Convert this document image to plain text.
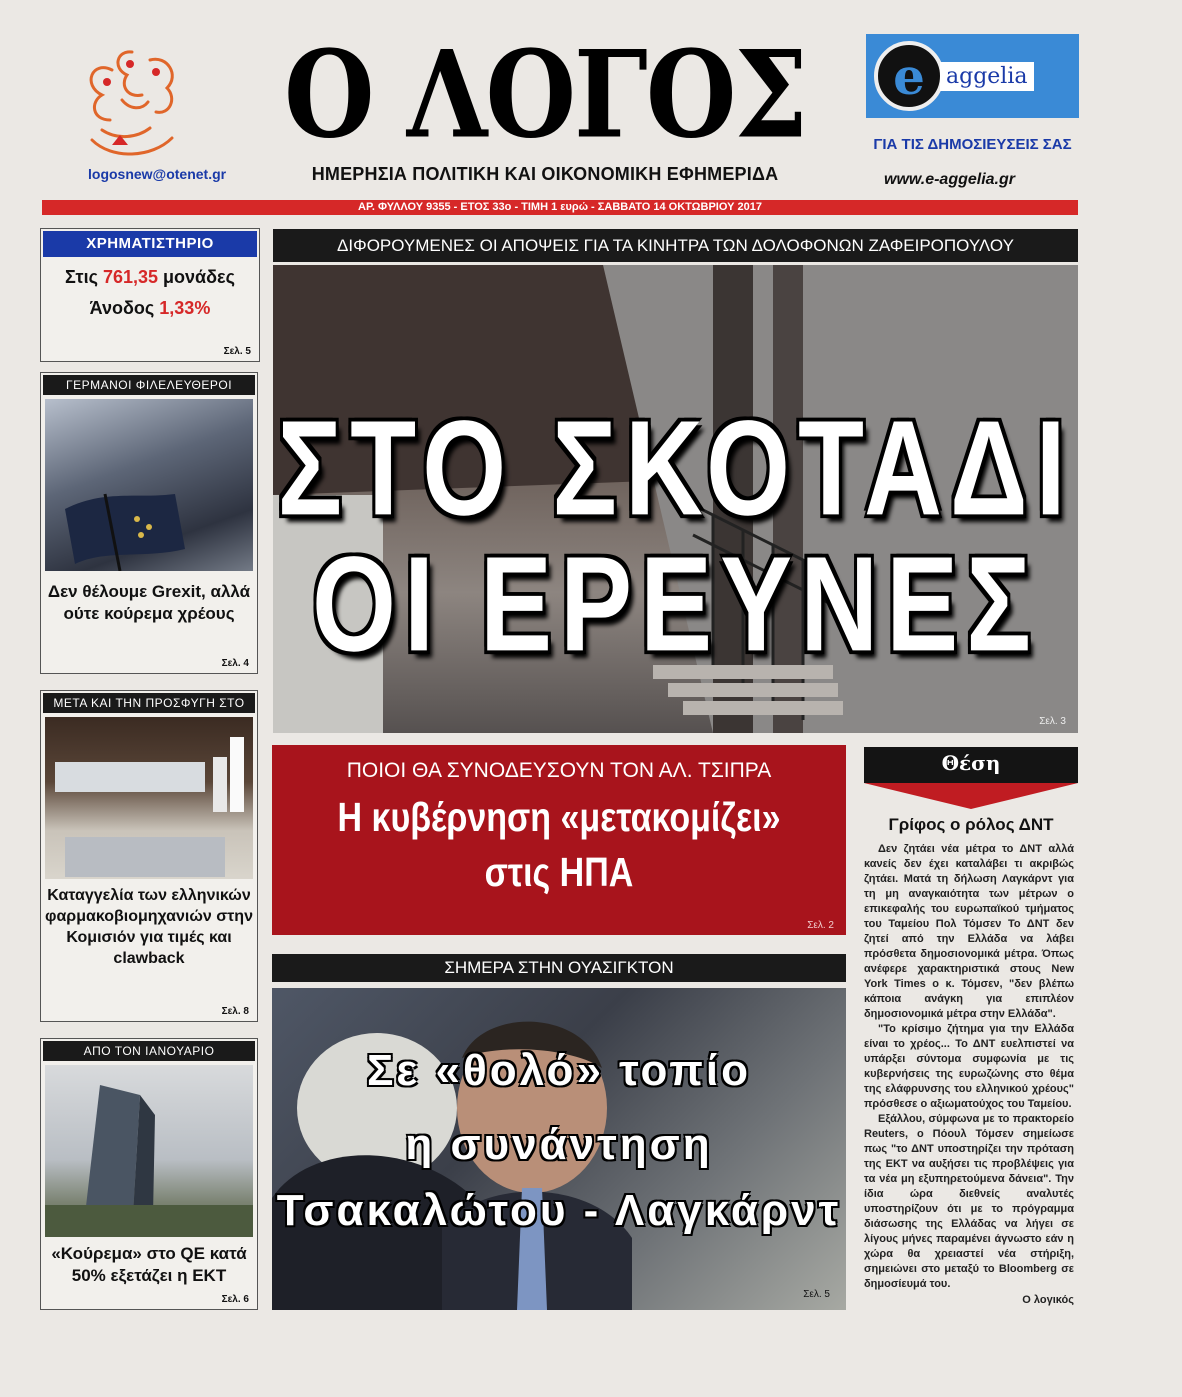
logosnew@otenet.gr
Ο ΛΟΓΟΣ
ΗΜΕΡΗΣΙΑ ΠΟΛΙΤΙΚΗ ΚΑΙ ΟΙΚΟΝΟΜΙΚΗ ΕΦΗΜΕΡΙΔΑ
e aggelia
ΓΙΑ ΤΙΣ ΔΗΜΟΣΙΕΥΣΕΙΣ ΣΑΣ
www.e-aggelia.gr
ΑΡ. ΦΥΛΛΟΥ 9355 - ΕΤΟΣ 33ο - ΤΙΜΗ 1 ευρώ - ΣΑΒΒΑΤΟ 14 ΟΚΤΩΒΡΙΟΥ 2017
ΧΡΗΜΑΤΙΣΤΗΡΙΟ
Στις 761,35 μονάδες
Άνοδος 1,33%
Σελ. 5
ΓΕΡΜΑΝΟΙ ΦΙΛΕΛΕΥΘΕΡΟΙ
Δεν θέλουμε Grexit, αλλά ούτε κούρεμα χρέους
Σελ. 4
ΜΕΤΑ ΚΑΙ ΤΗΝ ΠΡΟΣΦΥΓΗ ΣΤΟ
Καταγγελία των ελληνικών φαρμακοβιομηχανιών στην Κομισιόν για τιμές και clawback
Σελ. 8
ΑΠΟ ΤΟΝ ΙΑΝΟΥΑΡΙΟ
«Κούρεμα» στο QE κατά 50% εξετάζει η ΕΚΤ
Σελ. 6
ΔΙΦΟΡΟΥΜΕΝΕΣ ΟΙ ΑΠΟΨΕΙΣ ΓΙΑ ΤΑ ΚΙΝΗΤΡΑ ΤΩΝ ΔΟΛΟΦΟΝΩΝ ΖΑΦΕΙΡΟΠΟΥΛΟΥ
ΣΤΟ ΣΚΟΤΑΔΙ
ΟΙ ΕΡΕΥΝΕΣ
Σελ. 3
ΠΟΙΟΙ ΘΑ ΣΥΝΟΔΕΥΣΟΥΝ ΤΟΝ ΑΛ. ΤΣΙΠΡΑ
Η κυβέρνηση «μετακομίζει»
στις ΗΠΑ
Σελ. 2
ΣΗΜΕΡΑ ΣΤΗΝ ΟΥΑΣΙΓΚΤΟΝ
Σε «θολό» τοπίο
η συνάντηση
Τσακαλώτου - Λαγκάρντ
Σελ. 5
Θέση
Γρίφος ο ρόλος ΔΝΤ

Δεν ζητάει νέα μέτρα το ΔΝΤ αλλά κανείς δεν έχει καταλάβει τι ακριβώς ζητάει. Ματά τη δήλωση Λαγκάρντ για τη μη αναγκαιότητα των μέτρων ο επικεφαλής του ευρωπαϊκού τμήματος του Ταμείου Πολ Τόμσεν Το ΔΝΤ δεν ζητεί από την Ελλάδα να λάβει πρόσθετα δημοσιονομικά μέτρα. Όπως ανέφερε χαρακτηριστικά στους New York Times ο κ. Τόμσεν, "δεν βλέπω κάποια ανάγκη για επιπλέον δημοσιονομικά μέτρα στην Ελλάδα".

"Το κρίσιμο ζήτημα για την Ελλάδα είναι το χρέος... Το ΔΝΤ ευελπιστεί να υπάρξει σύντομα συμφωνία με τις κυβερνήσεις της ευρωζώνης στο θέμα της ελάφρυνσης του ελληνικού χρέους" πρόσθεσε ο αξιωματούχος του Ταμείου.

Εξάλλου, σύμφωνα με το πρακτορείο Reuters, ο Πόουλ Τόμσεν σημείωσε πως "το ΔΝΤ υποστηρίζει την πρόταση της ΕΚΤ να αυξήσει τις προβλέψεις για τα νέα μη εξυπηρετούμενα δάνεια". Την ίδια ώρα διεθνείς αναλυτές υποστηρίζουν ότι με το πρόγραμμα διάσωσης της Ελλάδας να λήγει σε λίγους μήνες παραμένει άγνωστο εάν η χώρα θα χρειαστεί νέα στήριξη, σημειώνει στο μεταξύ το Bloomberg σε δημοσίευμά του.

Ο λογικός
